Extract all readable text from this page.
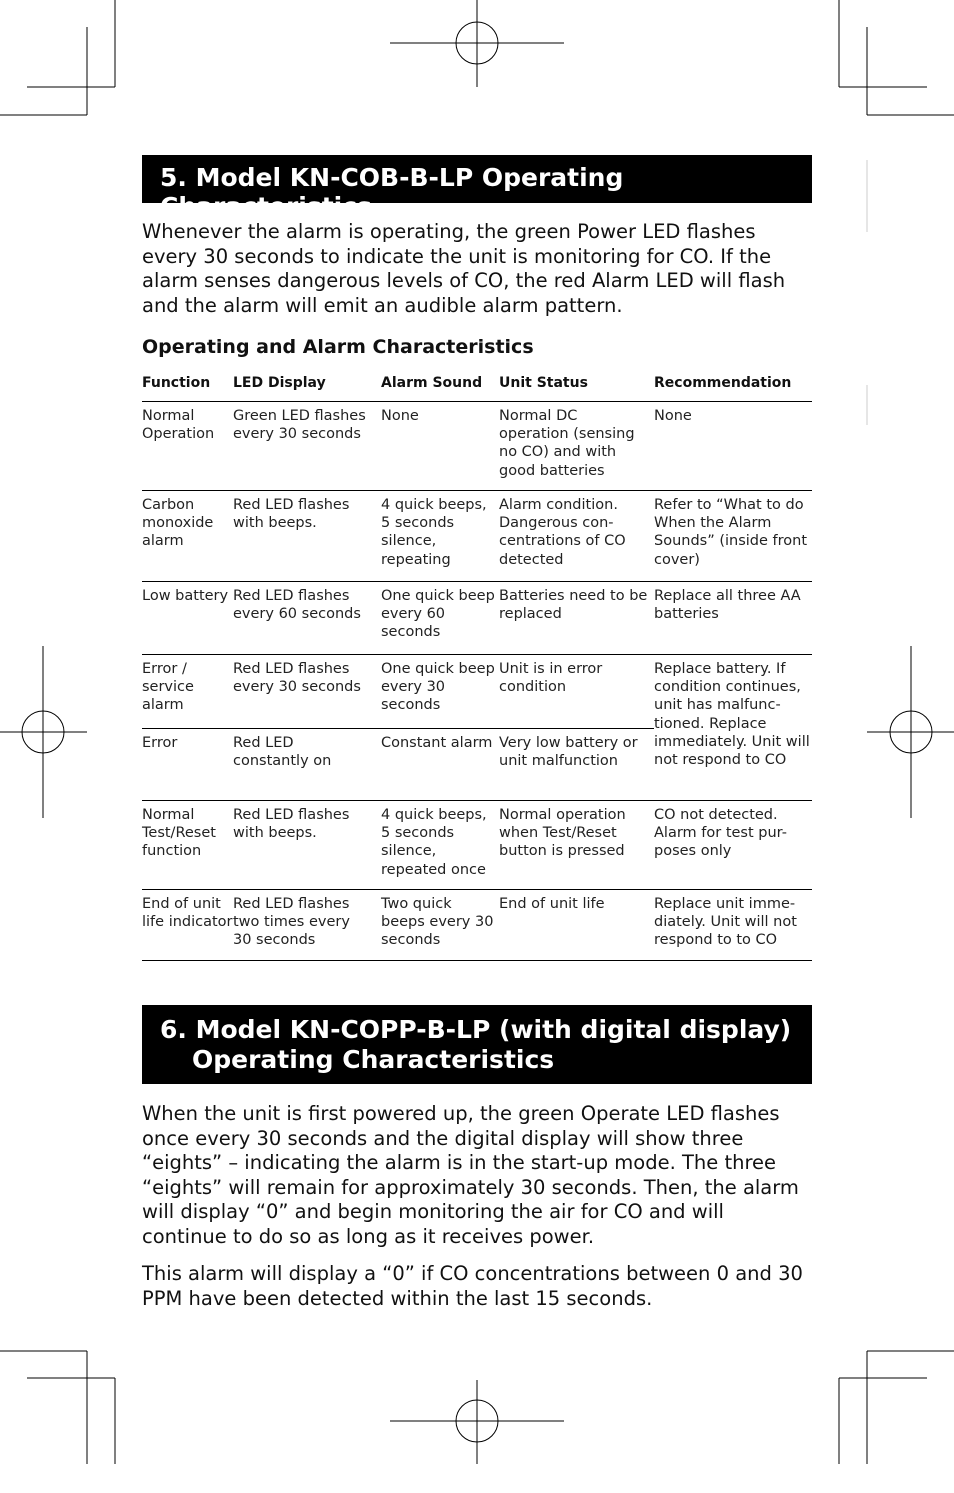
5. Model KN-COB-B-LP Operating Characteristics

Whenever the alarm is operating, the green Power LED flashes every 30 seconds to indicate the unit is monitoring for CO. If the alarm senses dangerous levels of CO, the red Alarm LED will flash and the alarm will emit an audible alarm pattern.

Operating and Alarm Characteristics
Function	LED Display	Alarm Sound	Unit Status	Recommendation
Normal Operation	Green LED flashes every 30 seconds	None	Normal DC operation (sensing no CO) and with good batteries	None
Carbon monoxide alarm	Red LED flashes with beeps.	4 quick beeps, 5 seconds silence, repeating	Alarm condition. Dangerous con-centrations of CO detected	Refer to “What to do When the Alarm Sounds” (inside front cover)
Low battery	Red LED flashes every 60 seconds	One quick beep every 60 seconds	Batteries need to be replaced	Replace all three AA batteries
Error / service alarm	Red LED flashes every 30 seconds	One quick beep every 30 seconds	Unit is in error condition	Replace battery. If condition continues, unit has malfunc-tioned. Replace immediately. Unit will not respond to CO
Error	Red LED constantly on	Constant alarm	Very low battery or unit malfunction	
Normal Test/Reset function	Red LED flashes with beeps.	4 quick beeps, 5 seconds silence, repeated once	Normal operation when Test/Reset button is pressed	CO not detected. Alarm for test pur-poses only
End of unit life indicator	Red LED flashes two times every 30 seconds	Two quick beeps every 30 seconds	End of unit life	Replace unit imme-diately. Unit will not respond to to CO
6. Model KN-COPP-B-LP (with digital display)
Operating Characteristics

When the unit is first powered up, the green Operate LED flashes once every 30 seconds and the digital display will show three “eights” – indicating the alarm is in the start-up mode. The three “eights” will remain for approximately 30 seconds. Then, the alarm will display “0” and begin monitoring the air for CO and will continue to do so as long as it receives power.

This alarm will display a “0” if CO concentrations between 0 and 30 PPM have been detected within the last 15 seconds.
